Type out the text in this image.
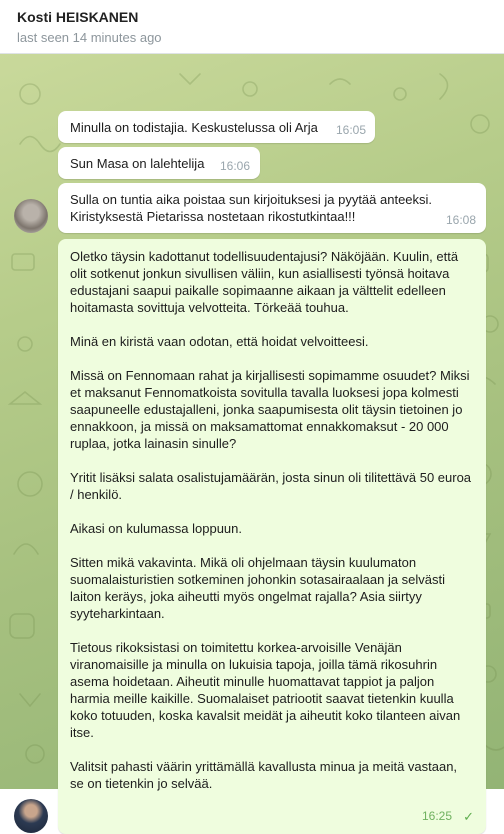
Kosti HEISKANEN
last seen 14 minutes ago
Minulla on todistajia. Keskustelussa oli Arja 16:05
Sun Masa on lalehtelija 16:06
Sulla on tuntia aika poistaa sun kirjoituksesi ja pyytää anteeksi. Kiristyksestä Pietarissa nostetaan rikostutkintaa!!!	16:08

Oletko täysin kadottanut todellisuudentajusi? Näköjään. Kuulin, että olit sotkenut jonkun sivullisen väliin, kun asiallisesti työnsä hoitava edustajani saapui paikalle sopimaanne aikaan ja välttelit edelleen hoitamasta sovittuja velvotteita. Törkeää touhua.

Minä en kiristä vaan odotan, että hoidat velvoitteesi.

Missä on Fennomaan rahat ja kirjallisesti sopimamme osuudet? Miksi et maksanut Fennomatkoista sovitulla tavalla luoksesi jopa kolmesti saapuneelle edustajalleni, jonka saapumisesta olit täysin tietoinen jo ennakkoon, ja missä on maksamattomat ennakkomaksut - 20 000 ruplaa, jotka lainasin sinulle?

Yritit lisäksi salata osalistujamäärän, josta sinun oli tilitettävä 50 euroa / henkilö.

Aikasi on kulumassa loppuun.

Sitten mikä vakavinta. Mikä oli ohjelmaan täysin kuulumaton suomalaisturistien sotkeminen johonkin sotasairaalaan ja selvästi laiton keräys, joka aiheutti myös ongelmat rajalla? Asia siirtyy syyteharkintaan.

Tietous rikoksistasi on toimitettu korkea-arvoisille Venäjän viranomaisille ja minulla on lukuisia tapoja, joilla tämä rikosuhrin asema hoidetaan. Aiheutit minulle huomattavat tappiot ja paljon harmia meille kaikille. Suomalaiset patriootit saavat tietenkin kuulla koko totuuden, koska kavalsit meidät ja aiheutit koko tilanteen aivan itse.

Valitsit pahasti väärin yrittämällä kavallusta minua ja meitä vastaan, se on tietenkin jo selvää.

16:25 ✓
